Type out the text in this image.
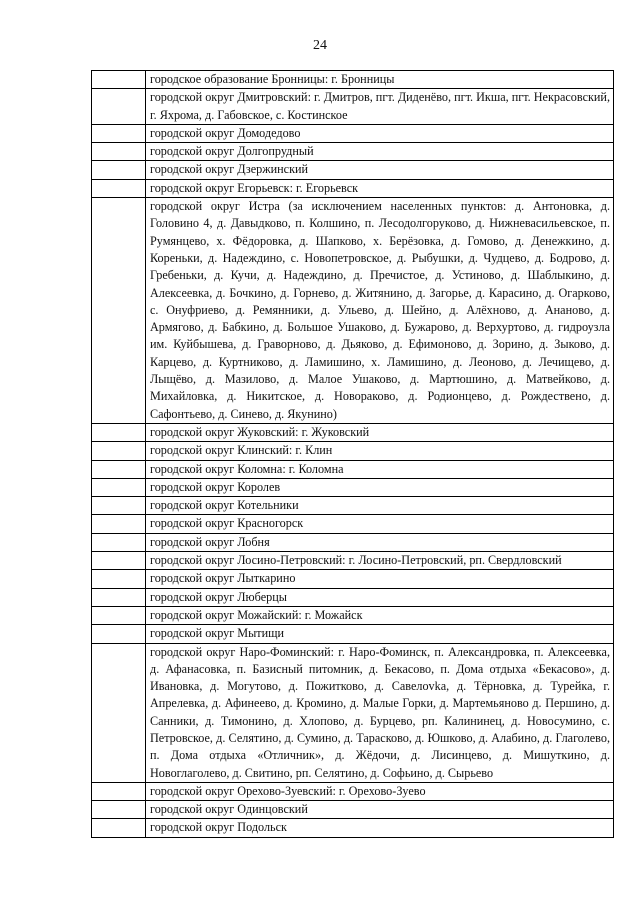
24

	городское образование Бронницы: г. Бронницы

	городской округ Дмитровский: г. Дмитров, пгт. Диденёво, пгт. Икша, пгт. Некрасовский, г. Яхрома, д. Габовское, с. Костинское

	городской округ Домодедово

	городской округ Долгопрудный

	городской округ Дзержинский

	городской округ Егорьевск: г. Егорьевск

	городской округ Истра (за исключением населенных пунктов: д. Антоновка, д. Головино 4, д. Давыдково, п. Колшино, п. Лесодолгоруково, д. Нижневасильевское, п. Румянцево, х. Фёдоровка, д. Шапково, х. Берёзовка, д. Гомово, д. Денежкино, д. Кореньки, д. Надеждино, с. Новопетровское, д. Рыбушки, д. Чудцево, д. Бодрово, д. Гребеньки, д. Кучи, д. Надеждино, д. Пречистое, д. Устиново, д. Шаблыкино, д. Алексеевка, д. Бочкино, д. Горнево, д. Житянино, д. Загорье, д. Карасино, д. Огарково, с. Онуфриево, д. Ремянники, д. Ульево, д. Шейно, д. Алёхново, д. Ананово, д. Армягово, д. Бабкино, д. Большое Ушаково, д. Бужарово, д. Верхуртово, д. гидроузла им. Куйбышева, д. Граворново, д. Дьяково, д. Ефимоново, д. Зорино, д. Зыково, д. Карцево, д. Куртниково, д. Ламишино, х. Ламишино, д. Леоново, д. Лечищево, д. Лыщёво, д. Мазилово, д. Малое Ушаково, д. Мартюшино, д. Матвейково, д. Михайловка, д. Никитское, д. Новораково, д. Родионцево, д. Рождествено, д. Сафонтьево, д. Синево, д. Якунино)

	городской округ Жуковский: г. Жуковский

	городской округ Клинский: г. Клин

	городской округ Коломна: г. Коломна

	городской округ Королев

	городской округ Котельники

	городской округ Красногорск

	городской округ Лобня

	городской округ Лосино-Петровский: г. Лосино-Петровский, рп. Свердловский

	городской округ Лыткарино

	городской округ Люберцы

	городской округ Можайский: г. Можайск

	городской округ Мытищи

	городской округ Наро-Фоминский: г. Наро-Фоминск, п. Александровка, п. Алексеевка, д. Афанасовка, п. Базисный питомник, д. Бекасово, п. Дома отдыха «Бекасово», д. Ивановка, д. Могутово, д. Пожитково, д. Савелovka, д. Тёрновка, д. Турейка, г. Апрелевка, д. Афинеево, д. Кромино, д. Малые Горки, д. Мартемьяново д. Першино, д. Санники, д. Тимонино, д. Хлопово, д. Бурцево, рп. Калининец, д. Новосумино, с. Петровское, д. Селятино, д. Сумино, д. Тарасково, д. Юшково, д. Алабино, д. Глаголево, п. Дома отдыха «Отличник», д. Жёдочи, д. Лисинцево, д. Мишуткино, д. Новоглаголево, д. Свитино, рп. Селятино, д. Софьино, д. Сырьево

	городской округ Орехово-Зуевский: г. Орехово-Зуево

	городской округ Одинцовский

	городской округ Подольск
